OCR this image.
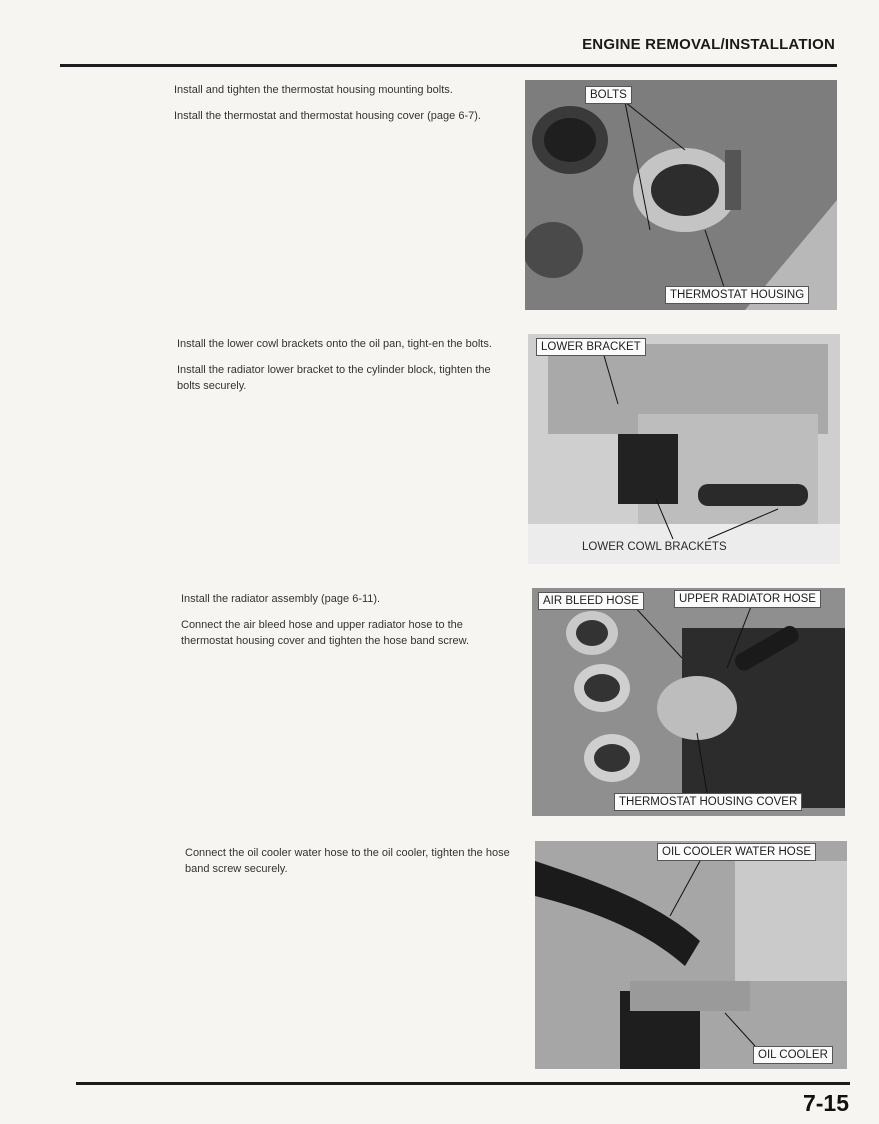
ENGINE REMOVAL/INSTALLATION

Install and tighten the thermostat housing mounting bolts.

Install the thermostat and thermostat housing cover (page 6-7).

BOLTS
THERMOSTAT HOUSING

Install the lower cowl brackets onto the oil pan, tight-en the bolts.

Install the radiator lower bracket to the cylinder block, tighten the bolts securely.

LOWER BRACKET
LOWER COWL BRACKETS

Install the radiator assembly (page 6-11).

Connect the air bleed hose and upper radiator hose to the thermostat housing cover and tighten the hose band screw.

AIR BLEED HOSE	UPPER RADIATOR HOSE
THERMOSTAT HOUSING COVER

Connect the oil cooler water hose to the oil cooler, tighten the hose band screw securely.

OIL COOLER WATER HOSE
OIL COOLER
7-15
